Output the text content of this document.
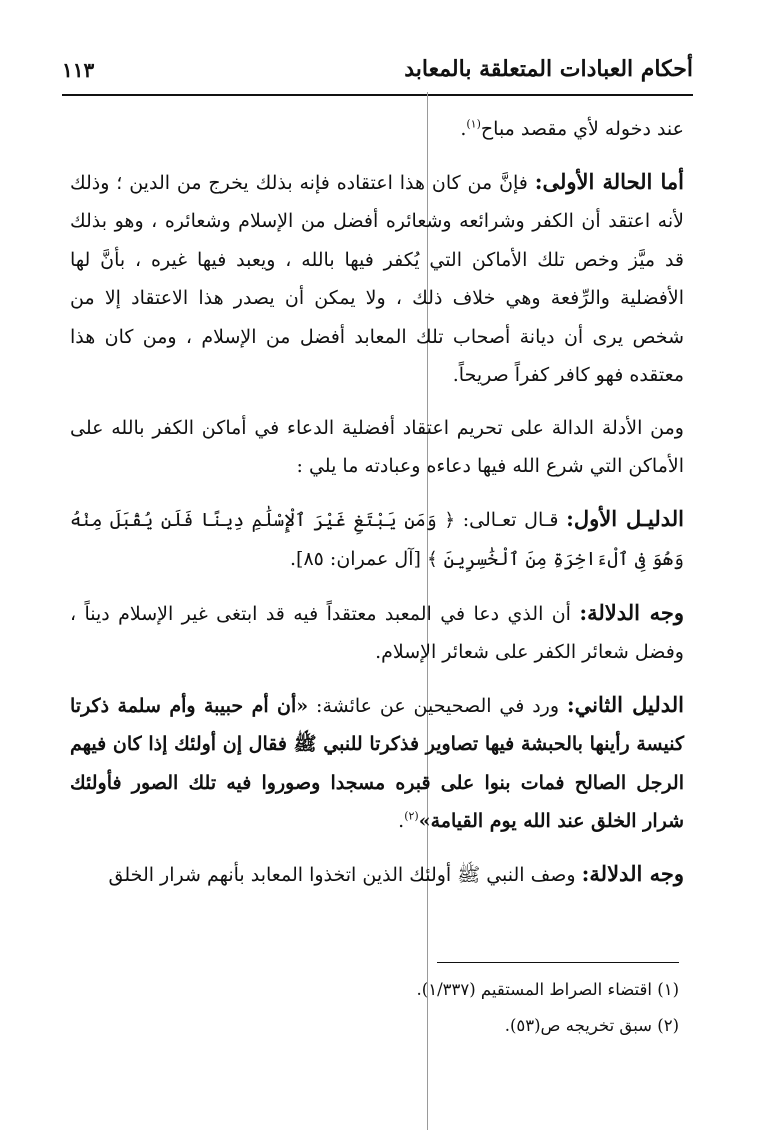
أحكام العبادات المتعلقة بالمعابد
١١٣

عند دخوله لأي مقصد مباح$^{(١)}$.

أما الحالة الأولى: فإنَّ من كان هذا اعتقاده فإنه بذلك يخرج من الدين ؛ وذلك لأنه اعتقد أن الكفر وشرائعه وشعائره أفضل من الإسلام وشعائره ، وهو بذلك قد ميَّز وخص تلك الأماكن التي يُكفر فيها بالله ، ويعبد فيها غيره ، بأنَّ لها الأفضلية والرِّفعة وهي خلاف ذلك ، ولا يمكن أن يصدر هذا الاعتقاد إلا من شخص يرى أن ديانة أصحاب تلك المعابد أفضل من الإسلام ، ومن كان هذا معتقده فهو كافر كفراً صريحاً.

ومن الأدلة الدالة على تحريم اعتقاد أفضلية الدعاء في أماكن الكفر بالله على الأماكن التي شرع الله فيها دعاءه وعبادته ما يلي :

الدليـل الأول: قـال تعـالى: ﴿ وَمَن يَبْتَغِ غَيْرَ ٱلْإِسْلَٰمِ دِينًا فَلَن يُقْبَلَ مِنْهُ وَهُوَ فِى ٱلْءَاخِرَةِ مِنَ ٱلْخَٰسِرِينَ ﴾ [آل عمران: ٨٥].

وجه الدلالة: أن الذي دعا في المعبد معتقداً فيه قد ابتغى غير الإسلام ديناً ، وفضل شعائر الكفر على شعائر الإسلام.

الدليل الثاني: ورد في الصحيحين عن عائشة: «أن أم حبيبة وأم سلمة ذكرتا كنيسة رأينها بالحبشة فيها تصاوير فذكرتا للنبي ﷺ فقال إن أولئك إذا كان فيهم الرجل الصالح فمات بنوا على قبره مسجدا وصوروا فيه تلك الصور فأولئك شرار الخلق عند الله يوم القيامة»$^{(٢)}$.

وجه الدلالة: وصف النبي ﷺ أولئك الذين اتخذوا المعابد بأنهم شرار الخلق

(١) اقتضاء الصراط المستقيم (١/٣٣٧).

(٢) سبق تخريجه ص(٥٣).
